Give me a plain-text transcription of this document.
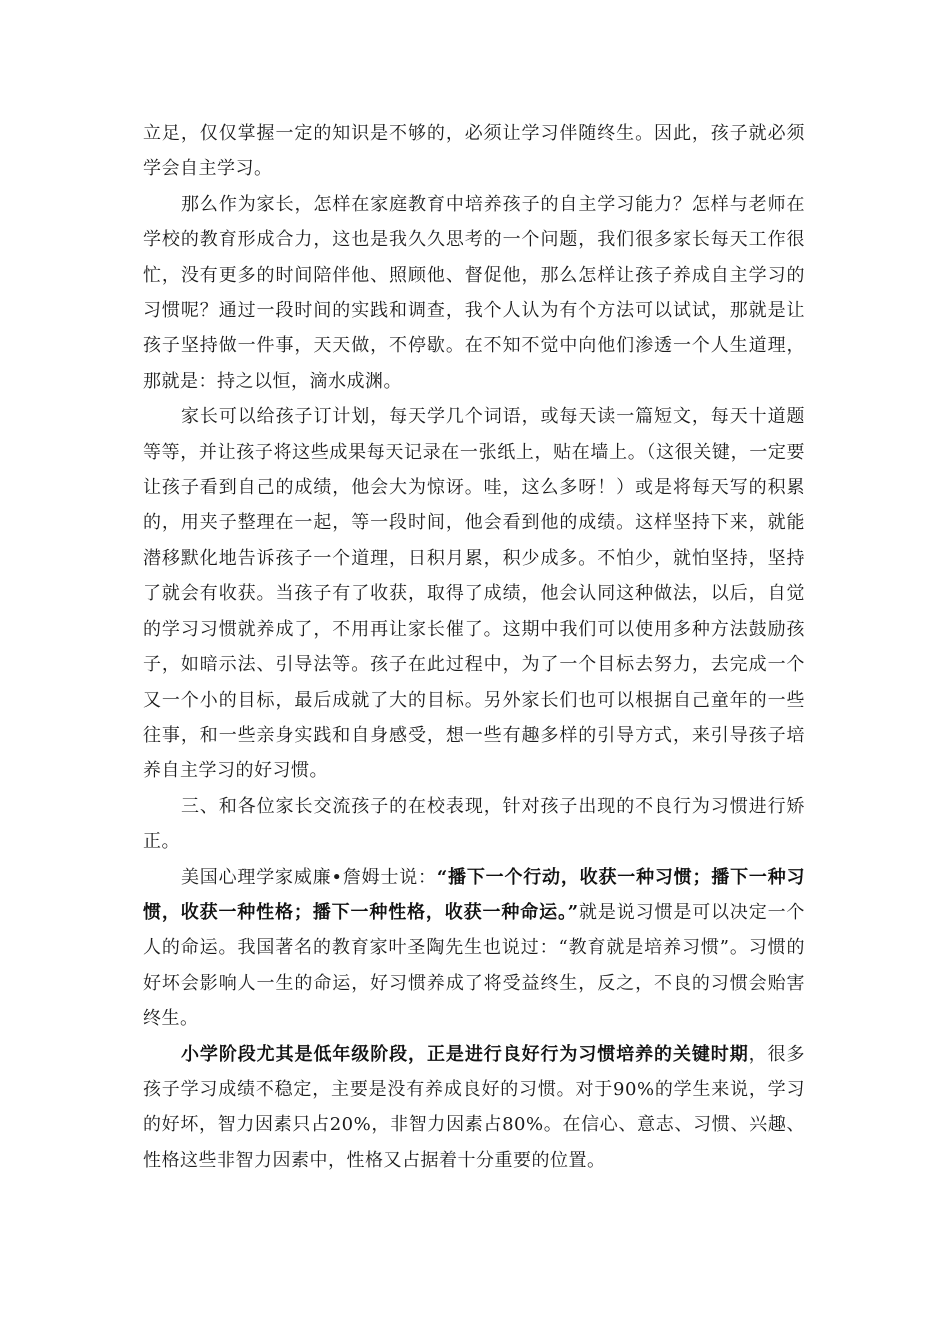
立足，仅仅掌握一定的知识是不够的，必须让学习伴随终生。因此，孩子就必须学会自主学习。

那么作为家长，怎样在家庭教育中培养孩子的自主学习能力？怎样与老师在学校的教育形成合力，这也是我久久思考的一个问题，我们很多家长每天工作很忙，没有更多的时间陪伴他、照顾他、督促他，那么怎样让孩子养成自主学习的习惯呢？通过一段时间的实践和调查，我个人认为有个方法可以试试，那就是让孩子坚持做一件事，天天做，不停歇。在不知不觉中向他们渗透一个人生道理，那就是：持之以恒，滴水成渊。

家长可以给孩子订计划，每天学几个词语，或每天读一篇短文，每天十道题等等，并让孩子将这些成果每天记录在一张纸上，贴在墙上。（这很关键，一定要让孩子看到自己的成绩，他会大为惊讶。哇，这么多呀！）或是将每天写的积累的，用夹子整理在一起，等一段时间，他会看到他的成绩。这样坚持下来，就能潜移默化地告诉孩子一个道理，日积月累，积少成多。不怕少，就怕坚持，坚持了就会有收获。当孩子有了收获，取得了成绩，他会认同这种做法，以后，自觉的学习习惯就养成了，不用再让家长催了。这期中我们可以使用多种方法鼓励孩子，如暗示法、引导法等。孩子在此过程中，为了一个目标去努力，去完成一个又一个小的目标，最后成就了大的目标。另外家长们也可以根据自己童年的一些往事，和一些亲身实践和自身感受，想一些有趣多样的引导方式，来引导孩子培养自主学习的好习惯。

三、和各位家长交流孩子的在校表现，针对孩子出现的不良行为习惯进行矫正。

美国心理学家威廉•詹姆士说：“播下一个行动，收获一种习惯；播下一种习惯，收获一种性格；播下一种性格，收获一种命运。”就是说习惯是可以决定一个人的命运。我国著名的教育家叶圣陶先生也说过：“教育就是培养习惯”。习惯的好坏会影响人一生的命运，好习惯养成了将受益终生，反之，不良的习惯会贻害终生。

小学阶段尤其是低年级阶段，正是进行良好行为习惯培养的关键时期，很多孩子学习成绩不稳定，主要是没有养成良好的习惯。对于90%的学生来说，学习的好坏，智力因素只占20%，非智力因素占80%。在信心、意志、习惯、兴趣、性格这些非智力因素中，性格又占据着十分重要的位置。
